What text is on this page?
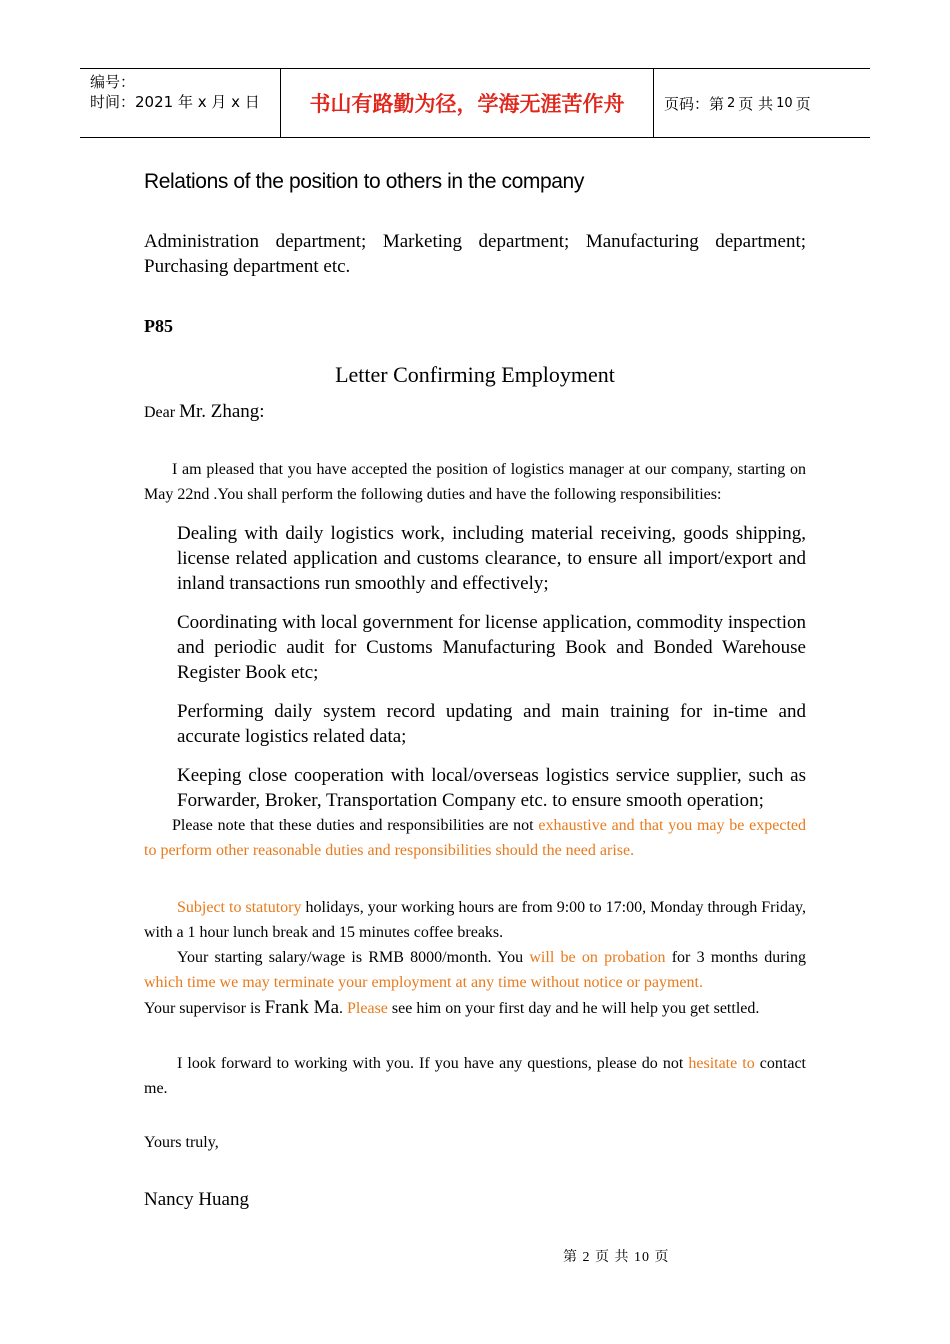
编号：
时间：2021 年 x 月 x 日	书山有路勤为径，学海无涯苦作舟	页码：第 2 页 共 10 页
Relations of the position to others in the company
Administration department; Marketing department; Manufacturing department; Purchasing department etc.
P85
Letter Confirming Employment
Dear Mr. Zhang:
I am pleased that you have accepted the position of logistics manager at our company, starting on May 22nd .You shall perform the following duties and have the following responsibilities:
Dealing with daily logistics work, including material receiving, goods shipping, license related application and customs clearance, to ensure all import/export and inland transactions run smoothly and effectively;
Coordinating with local government for license application, commodity inspection and periodic audit for Customs Manufacturing Book and Bonded Warehouse Register Book etc;
Performing daily system record updating and main training for in-time and accurate logistics related data;
Keeping close cooperation with local/overseas logistics service supplier, such as Forwarder, Broker, Transportation Company etc. to ensure smooth operation;
Please note that these duties and responsibilities are not exhaustive and that you may be expected to perform other reasonable duties and responsibilities should the need arise.
Subject to statutory holidays, your working hours are from 9:00 to 17:00, Monday through Friday, with a 1 hour lunch break and 15 minutes coffee breaks.
Your starting salary/wage is RMB 8000/month. You will be on probation for 3 months during which time we may terminate your employment at any time without notice or payment.
Your supervisor is Frank Ma. Please see him on your first day and he will help you get settled.
I look forward to working with you. If you have any questions, please do not hesitate to contact me.
Yours truly,
Nancy Huang
第 2 页 共 10 页
